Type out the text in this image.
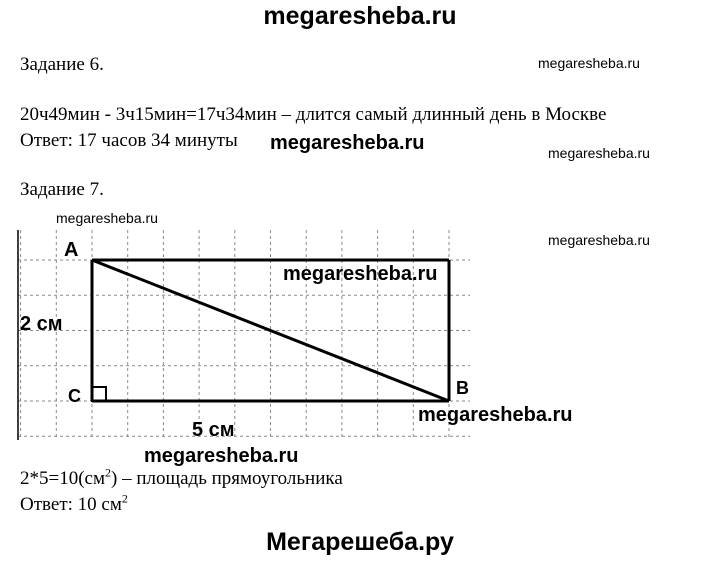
megaresheba.ru
Задание 6.	megaresheba.ru
20ч49мин - 3ч15мин=17ч34мин – длится самый длинный день в Москве
Ответ: 17 часов 34 минуты megaresheba.ru	megaresheba.ru
Задание 7.
megaresheba.ru
megaresheba.ru
A
B
C
2 см
5 см
megaresheba.ru
megaresheba.ru
megaresheba.ru
$2*5=10(см^2)$ – площадь прямоугольника
Ответ: 10 $см^2$
Мегарешеба.ру
